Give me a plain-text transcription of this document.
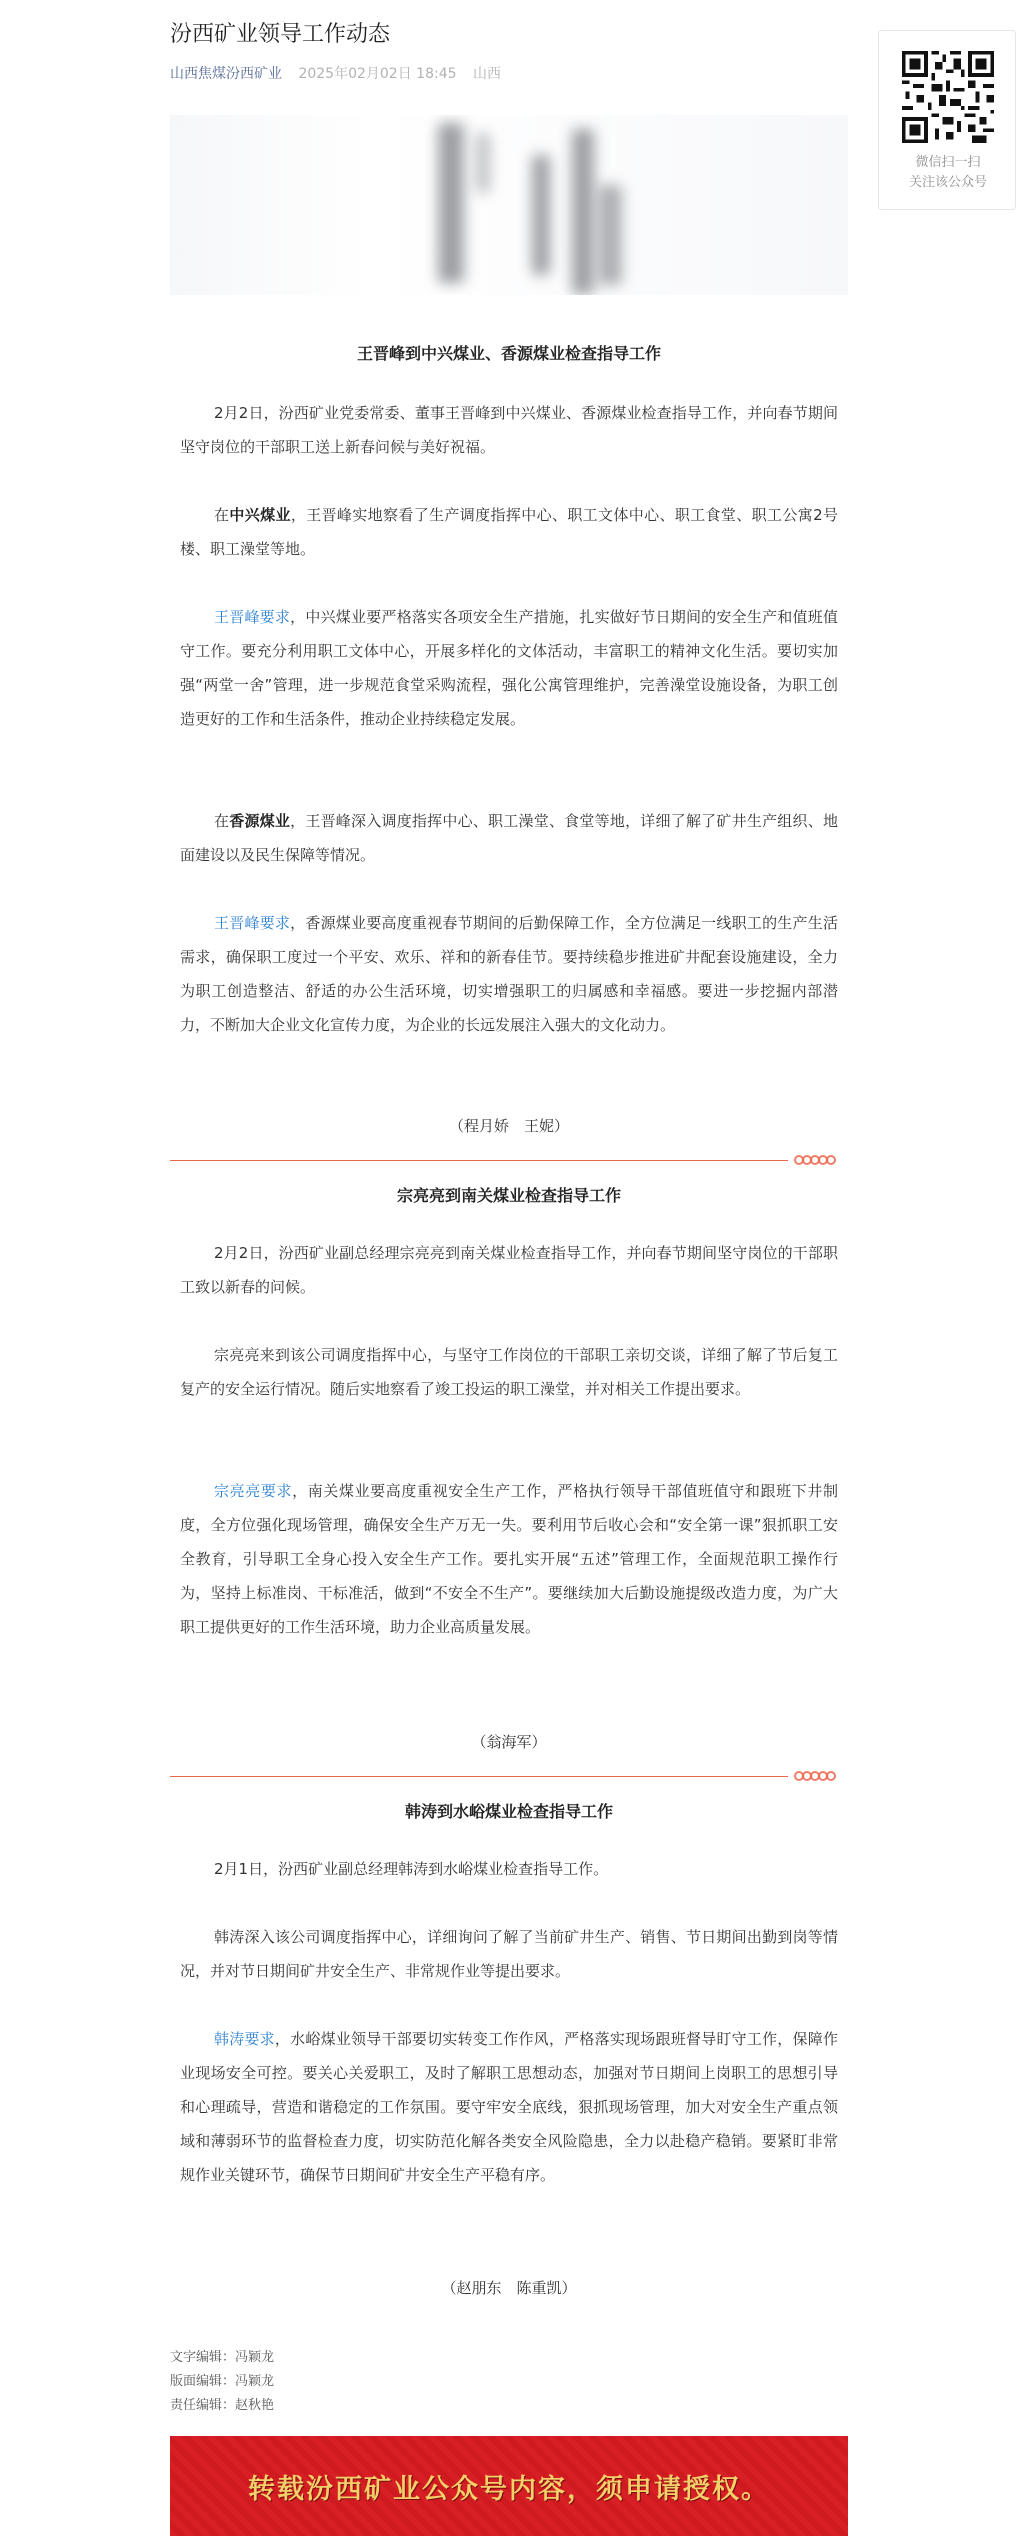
汾西矿业领导工作动态
山西焦煤汾西矿业 2025年02月02日 18:45 山西
王晋峰到中兴煤业、香源煤业检查指导工作

2月2日，汾西矿业党委常委、董事王晋峰到中兴煤业、香源煤业检查指导工作，并向春节期间坚守岗位的干部职工送上新春问候与美好祝福。

在中兴煤业，王晋峰实地察看了生产调度指挥中心、职工文体中心、职工食堂、职工公寓2号楼、职工澡堂等地。

王晋峰要求，中兴煤业要严格落实各项安全生产措施，扎实做好节日期间的安全生产和值班值守工作。要充分利用职工文体中心，开展多样化的文体活动，丰富职工的精神文化生活。要切实加强“两堂一舍”管理，进一步规范食堂采购流程，强化公寓管理维护，完善澡堂设施设备，为职工创造更好的工作和生活条件，推动企业持续稳定发展。

在香源煤业，王晋峰深入调度指挥中心、职工澡堂、食堂等地，详细了解了矿井生产组织、地面建设以及民生保障等情况。

王晋峰要求，香源煤业要高度重视春节期间的后勤保障工作，全方位满足一线职工的生产生活需求，确保职工度过一个平安、欢乐、祥和的新春佳节。要持续稳步推进矿井配套设施建设，全力为职工创造整洁、舒适的办公生活环境，切实增强职工的归属感和幸福感。要进一步挖掘内部潜力，不断加大企业文化宣传力度，为企业的长远发展注入强大的文化动力。

（程月娇　王妮）
宗亮亮到南关煤业检查指导工作

2月2日，汾西矿业副总经理宗亮亮到南关煤业检查指导工作，并向春节期间坚守岗位的干部职工致以新春的问候。

宗亮亮来到该公司调度指挥中心，与坚守工作岗位的干部职工亲切交谈，详细了解了节后复工复产的安全运行情况。随后实地察看了竣工投运的职工澡堂，并对相关工作提出要求。

宗亮亮要求，南关煤业要高度重视安全生产工作，严格执行领导干部值班值守和跟班下井制度，全方位强化现场管理，确保安全生产万无一失。要利用节后收心会和“安全第一课”狠抓职工安全教育，引导职工全身心投入安全生产工作。要扎实开展“五述”管理工作，全面规范职工操作行为，坚持上标准岗、干标准活，做到“不安全不生产”。要继续加大后勤设施提级改造力度，为广大职工提供更好的工作生活环境，助力企业高质量发展。

（翁海军）
韩涛到水峪煤业检查指导工作

2月1日，汾西矿业副总经理韩涛到水峪煤业检查指导工作。

韩涛深入该公司调度指挥中心，详细询问了解了当前矿井生产、销售、节日期间出勤到岗等情况，并对节日期间矿井安全生产、非常规作业等提出要求。

韩涛要求，水峪煤业领导干部要切实转变工作作风，严格落实现场跟班督导盯守工作，保障作业现场安全可控。要关心关爱职工，及时了解职工思想动态，加强对节日期间上岗职工的思想引导和心理疏导，营造和谐稳定的工作氛围。要守牢安全底线，狠抓现场管理，加大对安全生产重点领域和薄弱环节的监督检查力度，切实防范化解各类安全风险隐患，全力以赴稳产稳销。要紧盯非常规作业关键环节，确保节日期间矿井安全生产平稳有序。

（赵朋东　陈重凯）
文字编辑：冯颖龙
版面编辑：冯颖龙
责任编辑：赵秋艳
转载汾西矿业公众号内容，须申请授权。
微信扫一扫
关注该公众号
